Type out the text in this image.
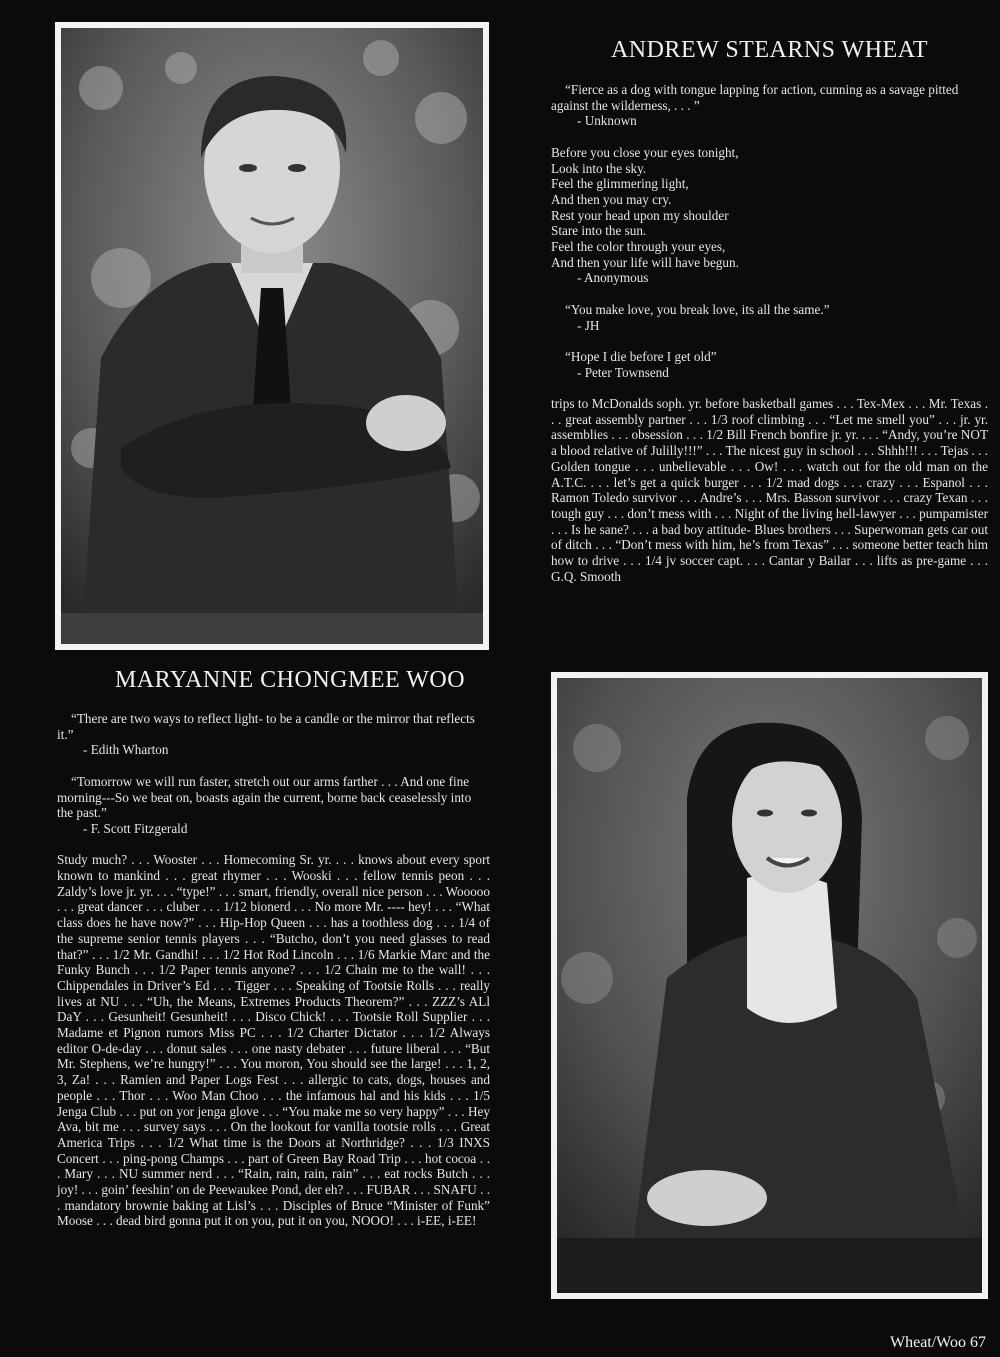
ANDREW STEARNS WHEAT

“Fierce as a dog with tongue lapping for action, cunning as a savage pitted against the wilderness, . . . ”
- Unknown

Before you close your eyes tonight,
Look into the sky.
Feel the glimmering light,
And then you may cry.
Rest your head upon my shoulder
Stare into the sun.
Feel the color through your eyes,
And then your life will have begun.
- Anonymous

“You make love, you break love, its all the same.”
- JH

“Hope I die before I get old”
- Peter Townsend

trips to McDonalds soph. yr. before basketball games . . . Tex-Mex . . . Mr. Texas . . . great assembly partner . . . 1/3 roof climbing . . . “Let me smell you” . . . jr. yr. assemblies . . . obsession . . . 1/2 Bill French bonfire jr. yr. . . . “Andy, you’re NOT a blood relative of Julilly!!!” . . . The nicest guy in school . . . Shhh!!! . . . Tejas . . . Golden tongue . . . unbelievable . . . Ow! . . . watch out for the old man on the A.T.C. . . . let’s get a quick burger . . . 1/2 mad dogs . . . crazy . . . Espanol . . . Ramon Toledo survivor . . . Andre’s . . . Mrs. Basson survivor . . . crazy Texan . . . tough guy . . . don’t mess with . . . Night of the living hell-lawyer . . . pumpamister . . . Is he sane? . . . a bad boy attitude- Blues brothers . . . Superwoman gets car out of ditch . . . “Don’t mess with him, he’s from Texas” . . . someone better teach him how to drive . . . 1/4 jv soccer capt. . . . Cantar y Bailar . . . lifts as pre-game . . . G.Q. Smooth

MARYANNE CHONGMEE WOO

“There are two ways to reflect light- to be a candle or the mirror that reflects it.”
- Edith Wharton

“Tomorrow we will run faster, stretch out our arms farther . . . And one fine morning---So we beat on, boasts again the current, borne back ceaselessly into the past.”
- F. Scott Fitzgerald

Study much? . . . Wooster . . . Homecoming Sr. yr. . . . knows about every sport known to mankind . . . great rhymer . . . Wooski . . . fellow tennis peon . . . Zaldy’s love jr. yr. . . . “type!” . . . smart, friendly, overall nice person . . . Wooooo . . . great dancer . . . cluber . . . 1/12 bionerd . . . No more Mr. ---- hey! . . . “What class does he have now?” . . . Hip-Hop Queen . . . has a toothless dog . . . 1/4 of the supreme senior tennis players . . . “Butcho, don’t you need glasses to read that?” . . . 1/2 Mr. Gandhi! . . . 1/2 Hot Rod Lincoln . . . 1/6 Markie Marc and the Funky Bunch . . . 1/2 Paper tennis anyone? . . . 1/2 Chain me to the wall! . . . Chippendales in Driver’s Ed . . . Tigger . . . Speaking of Tootsie Rolls . . . really lives at NU . . . “Uh, the Means, Extremes Products Theorem?” . . . ZZZ’s ALl DaY . . . Gesunheit! Gesunheit! . . . Disco Chick! . . . Tootsie Roll Supplier . . . Madame et Pignon rumors Miss PC . . . 1/2 Charter Dictator . . . 1/2 Always editor O-de-day . . . donut sales . . . one nasty debater . . . future liberal . . . “But Mr. Stephens, we’re hungry!” . . . You moron, You should see the large! . . . 1, 2, 3, Za! . . . Ramien and Paper Logs Fest . . . allergic to cats, dogs, houses and people . . . Thor . . . Woo Man Choo . . . the infamous hal and his kids . . . 1/5 Jenga Club . . . put on yor jenga glove . . . “You make me so very happy” . . . Hey Ava, bit me . . . survey says . . . On the lookout for vanilla tootsie rolls . . . Great America Trips . . . 1/2 What time is the Doors at Northridge? . . . 1/3 INXS Concert . . . ping-pong Champs . . . part of Green Bay Road Trip . . . hot cocoa . . . Mary . . . NU summer nerd . . . “Rain, rain, rain, rain” . . . eat rocks Butch . . . joy! . . . goin’ feeshin’ on de Peewaukee Pond, der eh? . . . FUBAR . . . SNAFU . . . mandatory brownie baking at Lisl’s . . . Disciples of Bruce “Minister of Funk” Moose . . . dead bird gonna put it on you, put it on you, NOOO! . . . i-EE, i-EE!

Wheat/Woo 67
